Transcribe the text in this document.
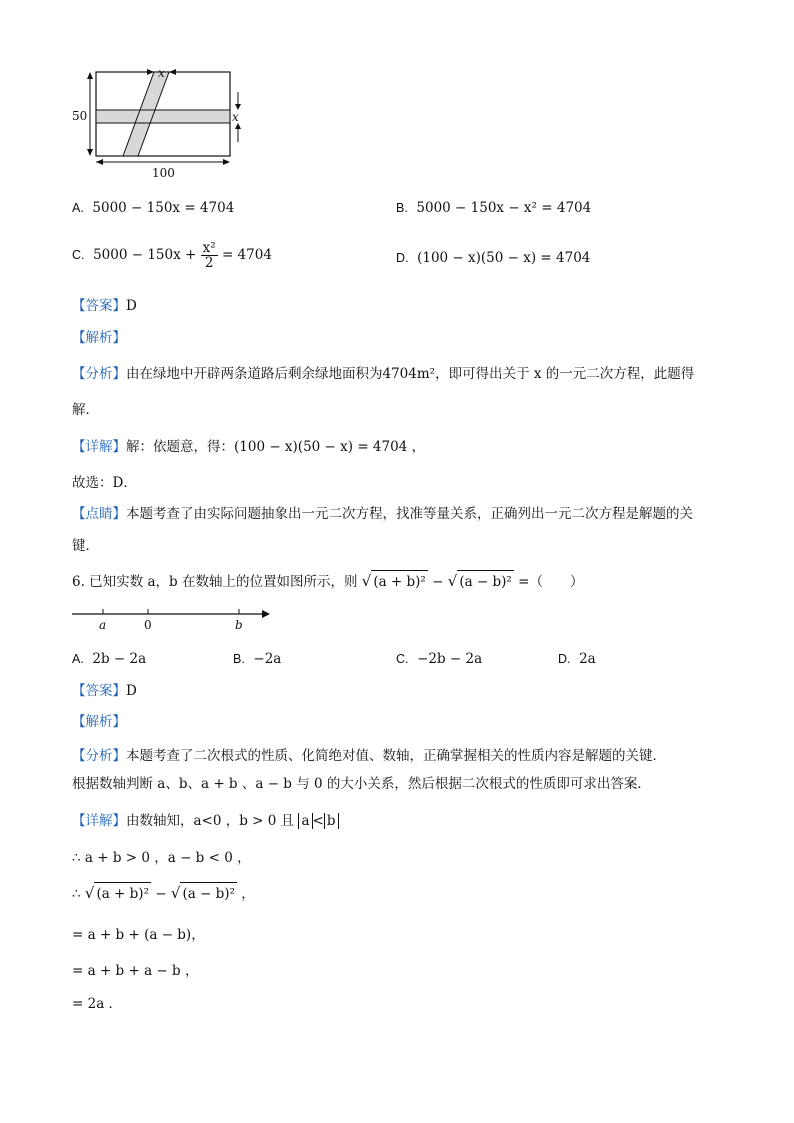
x
x
50
100
A. 5000 − 150x = 4704	B. 5000 − 150x − x² = 4704
C. $5000 - 150x + \frac{\text{x²}}{2} = 4704$	D. (100 − x)(50 − x) = 4704
【答案】D
【解析】
【分析】由在绿地中开辟两条道路后剩余绿地面积为4704m²，即可得出关于 x 的一元二次方程，此题得
解．
【详解】解：依题意，得：(100 − x)(50 − x) = 4704 ，
故选：D．
【点睛】本题考查了由实际问题抽象出一元二次方程，找准等量关系，正确列出一元二次方程是解题的关
键．
6. 已知实数 a，b 在数轴上的位置如图所示，则 √ (a + b)² − √ (a − b)² =（　　）
a	0	b
A. 2b − 2a	B. −2a	C. −2b − 2a	D. 2a
【答案】D
【解析】
【分析】本题考查了二次根式的性质、化简绝对值、数轴，正确掌握相关的性质内容是解题的关键．
根据数轴判断 a、b、a + b 、a − b 与 0 的大小关系，然后根据二次根式的性质即可求出答案．
【详解】由数轴知，a<0 ，b > 0 且 a < b
∴ a + b > 0 ，a − b < 0 ，
∴ √ (a + b)² − √ (a − b)² ，
= a + b + (a − b)，
= a + b + a − b ，
= 2a ．
